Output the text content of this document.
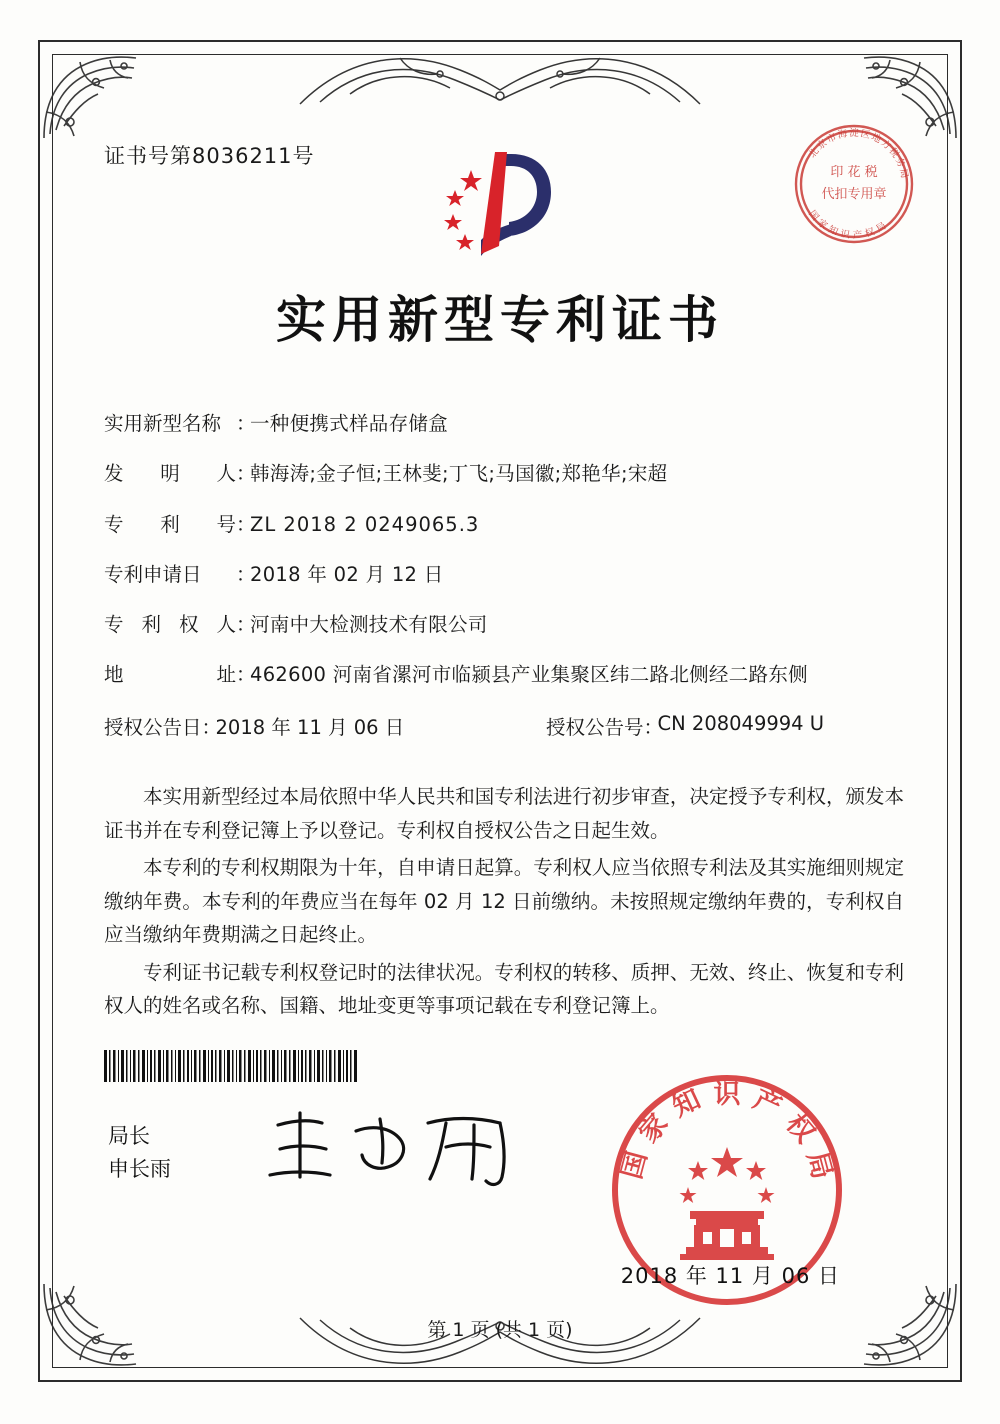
证书号第8036211号	北
京
市
海 淀 区
地
方
税
务
局
国
家
知 识 产 权
局
印 花 税
代扣专用章
实用新型专利证书
实用新型名称 ：
一种便携式样品存储盒
发 明 人 ：
韩海涛;金子恒;王林斐;丁飞;马国徽;郑艳华;宋超
专 利 号 ：
ZL 2018 2 0249065.3
专利申请日	：
2018 年 02 月 12 日
专 利 权 人 ：
河南中大检测技术有限公司
地	址 ：
462600 河南省漯河市临颍县产业集聚区纬二路北侧经二路东侧
授权公告日 ：
2018 年 11 月 06 日	授权公告号 ：
CN 208049994 U

本实用新型经过本局依照中华人民共和国专利法进行初步审查，决定授予专利权，颁发本证书并在专利登记簿上予以登记。专利权自授权公告之日起生效。

本专利的专利权期限为十年，自申请日起算。专利权人应当依照专利法及其实施细则规定缴纳年费。本专利的年费应当在每年 02 月 12 日前缴纳。未按照规定缴纳年费的，专利权自应当缴纳年费期满之日起终止。

专利证书记载专利权登记时的法律状况。专利权的转移、质押、无效、终止、恢复和专利权人的姓名或名称、国籍、地址变更等事项记载在专利登记簿上。

局长
申长雨	国
家
知 识 产
权
局
2018 年 11 月 06 日
第 1 页 (共 1 页)
